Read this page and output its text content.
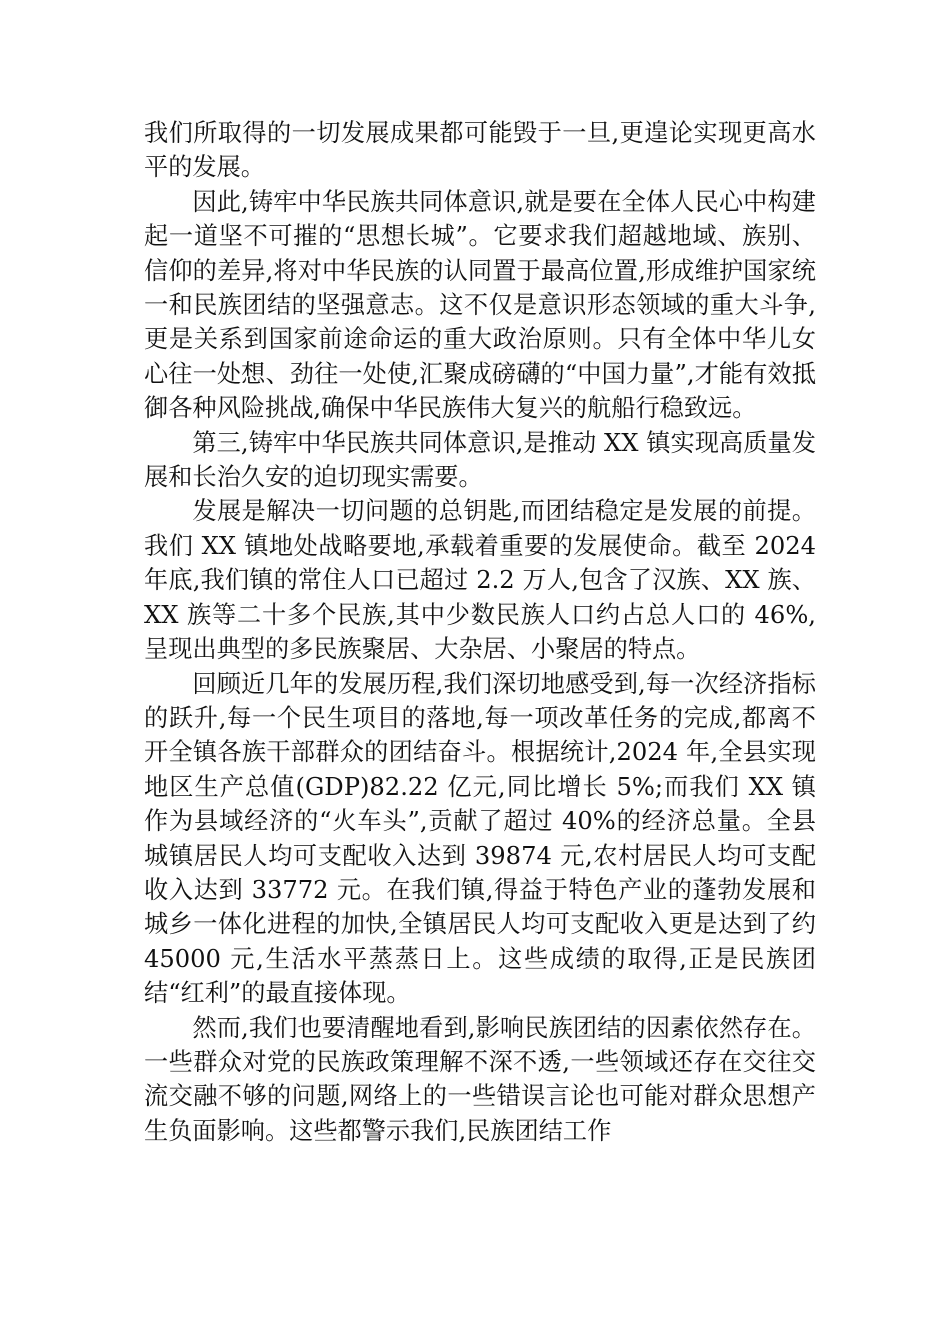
我们所取得的一切发展成果都可能毁于一旦,更遑论实现更高水平的发展。

因此,铸牢中华民族共同体意识,就是要在全体人民心中构建起一道坚不可摧的“思想长城”。它要求我们超越地域、族别、信仰的差异,将对中华民族的认同置于最高位置,形成维护国家统一和民族团结的坚强意志。这不仅是意识形态领域的重大斗争,更是关系到国家前途命运的重大政治原则。只有全体中华儿女心往一处想、劲往一处使,汇聚成磅礴的“中国力量”,才能有效抵御各种风险挑战,确保中华民族伟大复兴的航船行稳致远。

第三,铸牢中华民族共同体意识,是推动 XX 镇实现高质量发展和长治久安的迫切现实需要。

发展是解决一切问题的总钥匙,而团结稳定是发展的前提。我们 XX 镇地处战略要地,承载着重要的发展使命。截至 2024 年底,我们镇的常住人口已超过 2.2 万人,包含了汉族、XX 族、XX 族等二十多个民族,其中少数民族人口约占总人口的 46%,呈现出典型的多民族聚居、大杂居、小聚居的特点。

回顾近几年的发展历程,我们深切地感受到,每一次经济指标的跃升,每一个民生项目的落地,每一项改革任务的完成,都离不开全镇各族干部群众的团结奋斗。根据统计,2024 年,全县实现地区生产总值(GDP)82.22 亿元,同比增长 5%;而我们 XX 镇作为县域经济的“火车头”,贡献了超过 40%的经济总量。全县城镇居民人均可支配收入达到 39874 元,农村居民人均可支配收入达到 33772 元。在我们镇,得益于特色产业的蓬勃发展和城乡一体化进程的加快,全镇居民人均可支配收入更是达到了约 45000 元,生活水平蒸蒸日上。这些成绩的取得,正是民族团结“红利”的最直接体现。

然而,我们也要清醒地看到,影响民族团结的因素依然存在。一些群众对党的民族政策理解不深不透,一些领域还存在交往交流交融不够的问题,网络上的一些错误言论也可能对群众思想产生负面影响。这些都警示我们,民族团结工作
